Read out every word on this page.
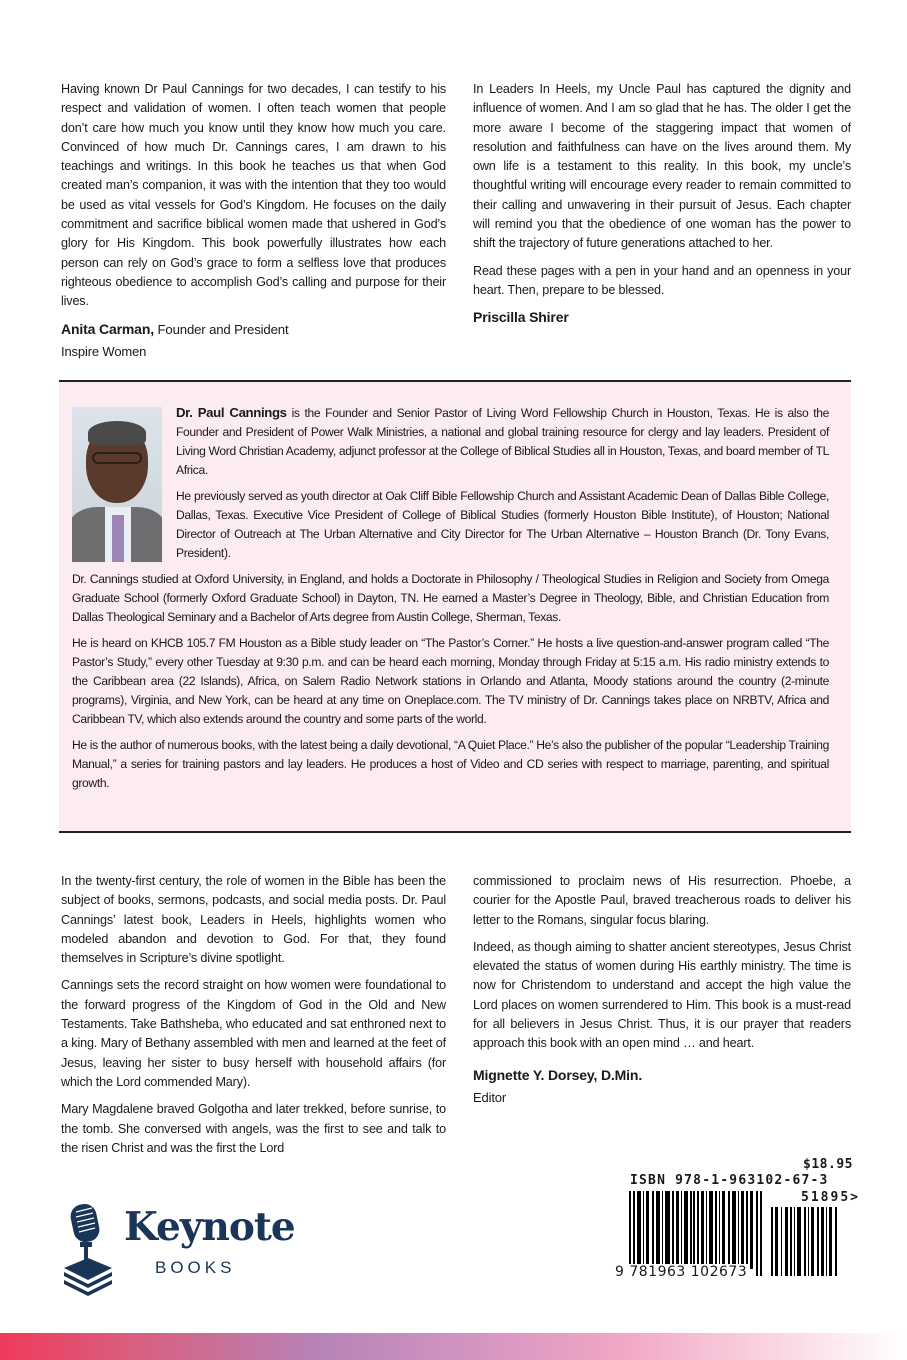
Having known Dr Paul Cannings for two decades, I can testify to his respect and validation of women. I often teach women that people don’t care how much you know until they know how much you care. Convinced of how much Dr. Cannings cares, I am drawn to his teachings and writings. In this book he teaches us that when God created man’s companion, it was with the intention that they too would be used as vital vessels for God’s Kingdom. He focuses on the daily commitment and sacrifice biblical women made that ushered in God’s glory for His Kingdom. This book powerfully illustrates how each person can rely on God’s grace to form a selfless love that produces righteous obedience to accomplish God’s calling and purpose for their lives.

Anita Carman, Founder and President
Inspire Women

In Leaders In Heels, my Uncle Paul has captured the dignity and influence of women. And I am so glad that he has. The older I get the more aware I become of the staggering impact that women of resolution and faithfulness can have on the lives around them. My own life is a testament to this reality. In this book, my uncle’s thoughtful writing will encourage every reader to remain committed to their calling and unwavering in their pursuit of Jesus. Each chapter will remind you that the obedience of one woman has the power to shift the trajectory of future generations attached to her.

Read these pages with a pen in your hand and an openness in your heart. Then, prepare to be blessed.

Priscilla Shirer

Dr. Paul Cannings is the Founder and Senior Pastor of Living Word Fellowship Church in Houston, Texas. He is also the Founder and President of Power Walk Ministries, a national and global training resource for clergy and lay leaders. President of Living Word Christian Academy, adjunct professor at the College of Biblical Studies all in Houston, Texas, and board member of TL Africa.

He previously served as youth director at Oak Cliff Bible Fellowship Church and Assistant Academic Dean of Dallas Bible College, Dallas, Texas. Executive Vice President of College of Biblical Studies (formerly Houston Bible Institute), of Houston; National Director of Outreach at The Urban Alternative and City Director for The Urban Alternative – Houston Branch (Dr. Tony Evans, President).

Dr. Cannings studied at Oxford University, in England, and holds a Doctorate in Philosophy / Theological Studies in Religion and Society from Omega Graduate School (formerly Oxford Graduate School) in Dayton, TN. He earned a Master’s Degree in Theology, Bible, and Christian Education from Dallas Theological Seminary and a Bachelor of Arts degree from Austin College, Sherman, Texas.

He is heard on KHCB 105.7 FM Houston as a Bible study leader on “The Pastor’s Corner.” He hosts a live question-and-answer program called “The Pastor’s Study,” every other Tuesday at 9:30 p.m. and can be heard each morning, Monday through Friday at 5:15 a.m. His radio ministry extends to the Caribbean area (22 Islands), Africa, on Salem Radio Network stations in Orlando and Atlanta, Moody stations around the country (2-minute programs), Virginia, and New York, can be heard at any time on Oneplace.com. The TV ministry of Dr. Cannings takes place on NRBTV, Africa and Caribbean TV, which also extends around the country and some parts of the world.

He is the author of numerous books, with the latest being a daily devotional, “A Quiet Place.” He’s also the publisher of the popular “Leadership Training Manual,” a series for training pastors and lay leaders. He produces a host of Video and CD series with respect to marriage, parenting, and spiritual growth.

In the twenty-first century, the role of women in the Bible has been the subject of books, sermons, podcasts, and social media posts. Dr. Paul Cannings’ latest book, Leaders in Heels, highlights women who modeled abandon and devotion to God. For that, they found themselves in Scripture’s divine spotlight.

Cannings sets the record straight on how women were foundational to the forward progress of the Kingdom of God in the Old and New Testaments. Take Bathsheba, who educated and sat enthroned next to a king. Mary of Bethany assembled with men and learned at the feet of Jesus, leaving her sister to busy herself with household affairs (for which the Lord commended Mary).

Mary Magdalene braved Golgotha and later trekked, before sunrise, to the tomb. She conversed with angels, was the first to see and talk to the risen Christ and was the first the Lord

commissioned to proclaim news of His resurrection. Phoebe, a courier for the Apostle Paul, braved treacherous roads to deliver his letter to the Romans, singular focus blaring.

Indeed, as though aiming to shatter ancient stereotypes, Jesus Christ elevated the status of women during His earthly ministry. The time is now for Christendom to understand and accept the high value the Lord places on women surrendered to Him. This book is a must-read for all believers in Jesus Christ. Thus, it is our prayer that readers approach this book with an open mind … and heart.

Mignette Y. Dorsey, D.Min.
Editor
Keynote
BOOKS
$18.95
ISBN 978-1-963102-67-3
51895>
9 781963 102673
